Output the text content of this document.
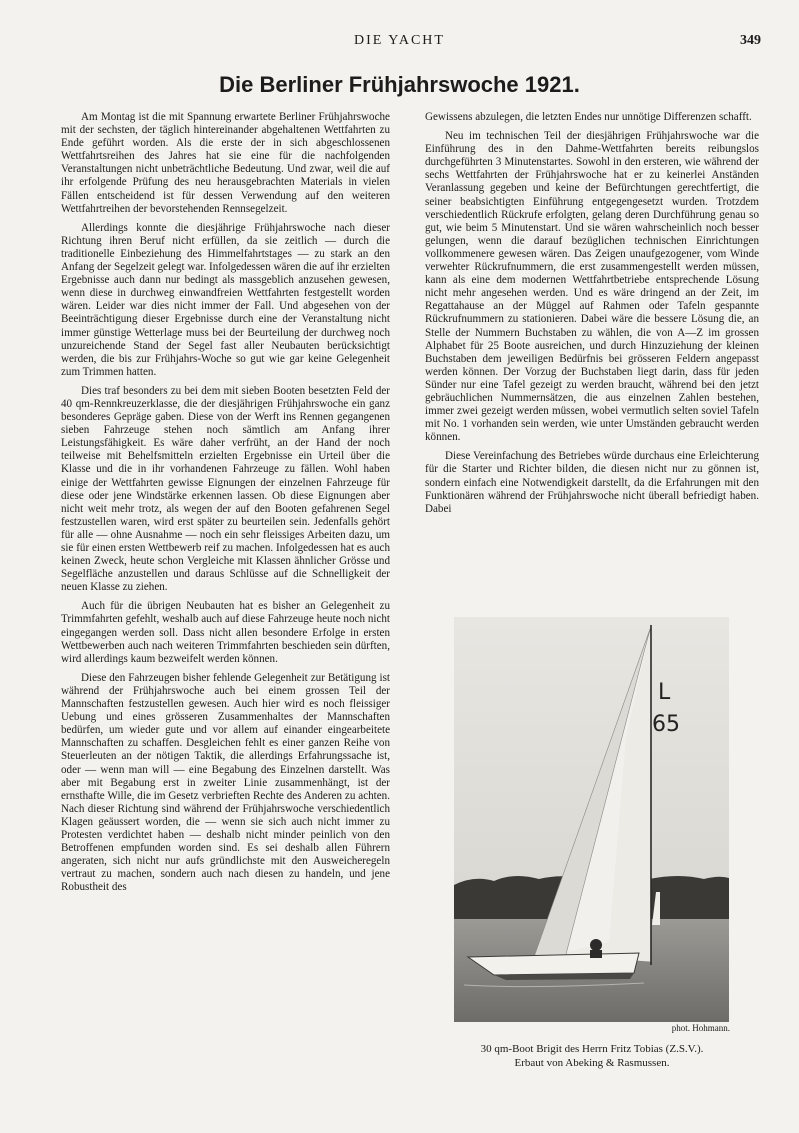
DIE YACHT	349
Die Berliner Frühjahrswoche 1921.

Am Montag ist die mit Spannung erwartete Berliner Frühjahrswoche mit der sechsten, der täglich hintereinander abgehaltenen Wettfahrten zu Ende geführt worden. Als die erste der in sich abgeschlossenen Wettfahrtsreihen des Jahres hat sie eine für die nachfolgenden Veranstaltungen nicht unbeträchtliche Bedeutung. Und zwar, weil die auf ihr erfolgende Prüfung des neu herausgebrachten Materials in vielen Fällen entscheidend ist für dessen Verwendung auf den weiteren Wettfahrtreihen der bevorstehenden Rennsegelzeit.

Allerdings konnte die diesjährige Frühjahrswoche nach dieser Richtung ihren Beruf nicht erfüllen, da sie zeitlich — durch die traditionelle Einbeziehung des Himmelfahrtstages — zu stark an den Anfang der Segelzeit gelegt war. Infolgedessen wären die auf ihr erzielten Ergebnisse auch dann nur bedingt als massgeblich anzusehen gewesen, wenn diese in durchweg einwandfreien Wettfahrten festgestellt worden wären. Leider war dies nicht immer der Fall. Und abgesehen von der Beeinträchtigung dieser Ergebnisse durch eine der Veranstaltung nicht immer günstige Wetterlage muss bei der Beurteilung der durchweg noch unzureichende Stand der Segel fast aller Neubauten berücksichtigt werden, die bis zur Frühjahrs-Woche so gut wie gar keine Gelegenheit zum Trimmen hatten.

Dies traf besonders zu bei dem mit sieben Booten besetzten Feld der 40 qm-Rennkreuzerklasse, die der diesjährigen Frühjahrswoche ein ganz besonderes Gepräge gaben. Diese von der Werft ins Rennen gegangenen sieben Fahrzeuge stehen noch sämtlich am Anfang ihrer Leistungsfähigkeit. Es wäre daher verfrüht, an der Hand der noch teilweise mit Behelfsmitteln erzielten Ergebnisse ein Urteil über die Klasse und die in ihr vorhandenen Fahrzeuge zu fällen. Wohl haben einige der Wettfahrten gewisse Eignungen der einzelnen Fahrzeuge für diese oder jene Windstärke erkennen lassen. Ob diese Eignungen aber nicht weit mehr trotz, als wegen der auf den Booten gefahrenen Segel festzustellen waren, wird erst später zu beurteilen sein. Jedenfalls gehört für alle — ohne Ausnahme — noch ein sehr fleissiges Arbeiten dazu, um sie für einen ersten Wettbewerb reif zu machen. Infolgedessen hat es auch keinen Zweck, heute schon Vergleiche mit Klassen ähnlicher Grösse und Segelfläche anzustellen und daraus Schlüsse auf die Schnelligkeit der neuen Klasse zu ziehen.

Auch für die übrigen Neubauten hat es bisher an Gelegenheit zu Trimmfahrten gefehlt, weshalb auch auf diese Fahrzeuge heute noch nicht eingegangen werden soll. Dass nicht allen besondere Erfolge in ersten Wettbewerben auch nach weiteren Trimmfahrten beschieden sein dürften, wird allerdings kaum bezweifelt werden können.

Diese den Fahrzeugen bisher fehlende Gelegenheit zur Betätigung ist während der Frühjahrswoche auch bei einem grossen Teil der Mannschaften festzustellen gewesen. Auch hier wird es noch fleissiger Uebung und eines grösseren Zusammenhaltes der Mannschaften bedürfen, um wieder gute und vor allem auf einander eingearbeitete Mannschaften zu schaffen. Desgleichen fehlt es einer ganzen Reihe von Steuerleuten an der nötigen Taktik, die allerdings Erfahrungssache ist, oder — wenn man will — eine Begabung des Einzelnen darstellt. Was aber mit Begabung erst in zweiter Linie zusammenhängt, ist der ernsthafte Wille, die im Gesetz verbrieften Rechte des Anderen zu achten. Nach dieser Richtung sind während der Frühjahrswoche verschiedentlich Klagen geäussert worden, die — wenn sie sich auch nicht immer zu Protesten verdichtet haben — deshalb nicht minder peinlich von den Betroffenen empfunden worden sind. Es sei deshalb allen Führern angeraten, sich nicht nur aufs gründlichste mit den Ausweicheregeln vertraut zu machen, sondern auch nach diesen zu handeln, und jene Robustheit des

Gewissens abzulegen, die letzten Endes nur unnötige Differenzen schafft.

Neu im technischen Teil der diesjährigen Frühjahrswoche war die Einführung des in den Dahme-Wettfahrten bereits reibungslos durchgeführten 3 Minutenstartes. Sowohl in den ersteren, wie während der sechs Wettfahrten der Frühjahrswoche hat er zu keinerlei Anständen Veranlassung gegeben und keine der Befürchtungen gerechtfertigt, die seiner beabsichtigten Einführung entgegengesetzt wurden. Trotzdem verschiedentlich Rückrufe erfolgten, gelang deren Durchführung genau so gut, wie beim 5 Minutenstart. Und sie wären wahrscheinlich noch besser gelungen, wenn die darauf bezüglichen technischen Einrichtungen vollkommenere gewesen wären. Das Zeigen unaufgezogener, vom Winde verwehter Rückrufnummern, die erst zusammengestellt werden müssen, kann als eine dem modernen Wettfahrtbetriebe entsprechende Lösung nicht mehr angesehen werden. Und es wäre dringend an der Zeit, im Regattahause an der Müggel auf Rahmen oder Tafeln gespannte Rückrufnummern zu stationieren. Dabei wäre die bessere Lösung die, an Stelle der Nummern Buchstaben zu wählen, die von A—Z im grossen Alphabet für 25 Boote ausreichen, und durch Hinzuziehung der kleinen Buchstaben dem jeweiligen Bedürfnis bei grösseren Feldern angepasst werden können. Der Vorzug der Buchstaben liegt darin, dass für jeden Sünder nur eine Tafel gezeigt zu werden braucht, während bei den jetzt gebräuchlichen Nummernsätzen, die aus einzelnen Zahlen bestehen, immer zwei gezeigt werden müssen, wobei vermutlich selten soviel Tafeln mit No. 1 vorhanden sein werden, wie unter Umständen gebraucht werden können.

Diese Vereinfachung des Betriebes würde durchaus eine Erleichterung für die Starter und Richter bilden, die diesen nicht nur zu gönnen ist, sondern einfach eine Notwendigkeit darstellt, da die Erfahrungen mit den Funktionären während der Frühjahrswoche nicht überall befriedigt haben. Dabei

L
65
phot. Hohmann.
30 qm-Boot Brigit des Herrn Fritz Tobias (Z.S.V.).
Erbaut von Abeking & Rasmussen.
